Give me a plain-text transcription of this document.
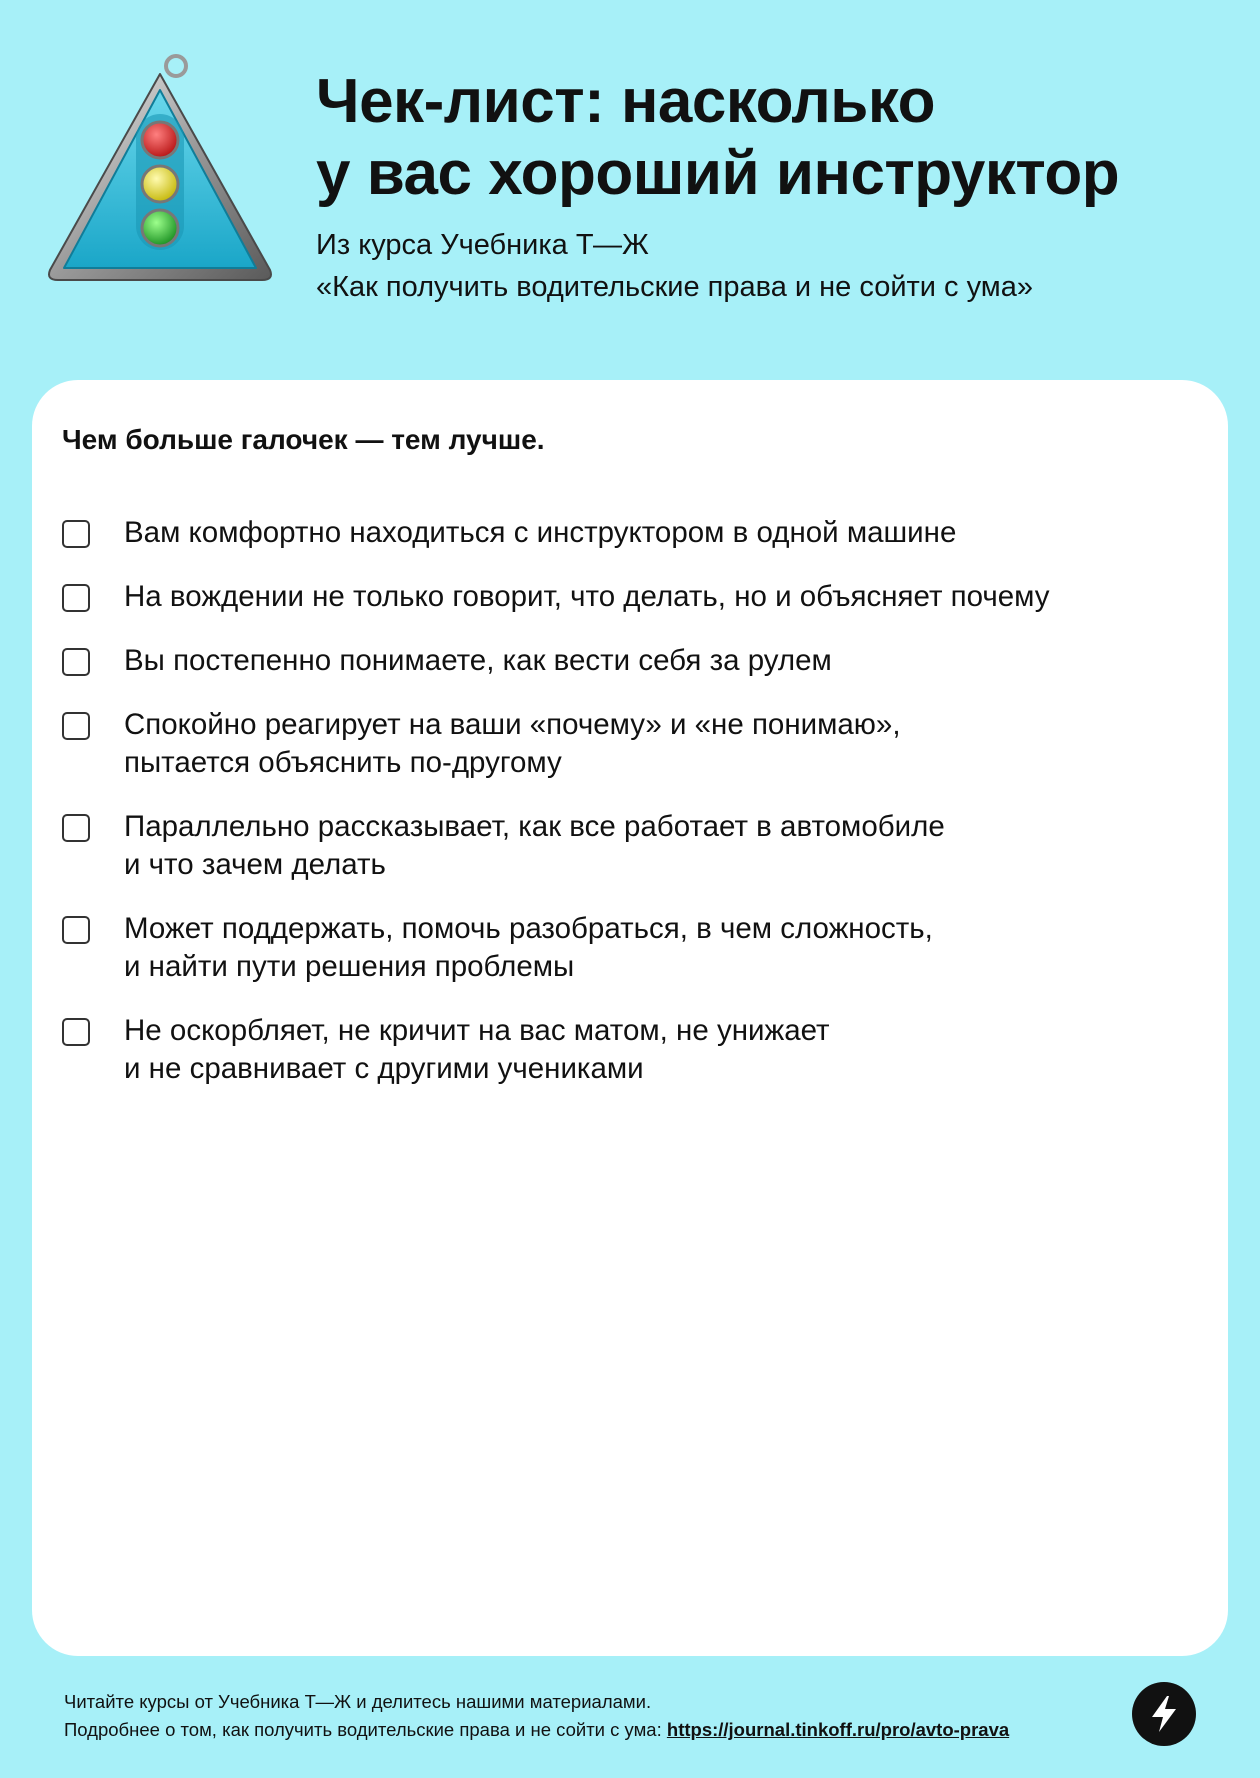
Чек-лист: насколько
у вас хороший инструктор
Из курса Учебника Т—Ж
«Как получить водительские права и не сойти с ума»
Чем больше галочек — тем лучше.
Вам комфортно находиться с инструктором в одной машине
На вождении не только говорит, что делать, но и объясняет почему
Вы постепенно понимаете, как вести себя за рулем
Спокойно реагирует на ваши «почему» и «не понимаю»,
пытается объяснить по-другому
Параллельно рассказывает, как все работает в автомобиле
и что зачем делать
Может поддержать, помочь разобраться, в чем сложность,
и найти пути решения проблемы
Не оскорбляет, не кричит на вас матом, не унижает
и не сравнивает с другими учениками
Читайте курсы от Учебника Т—Ж и делитесь нашими материалами.
Подробнее о том, как получить водительские права и не сойти с ума: https://journal.tinkoff.ru/pro/avto-prava
